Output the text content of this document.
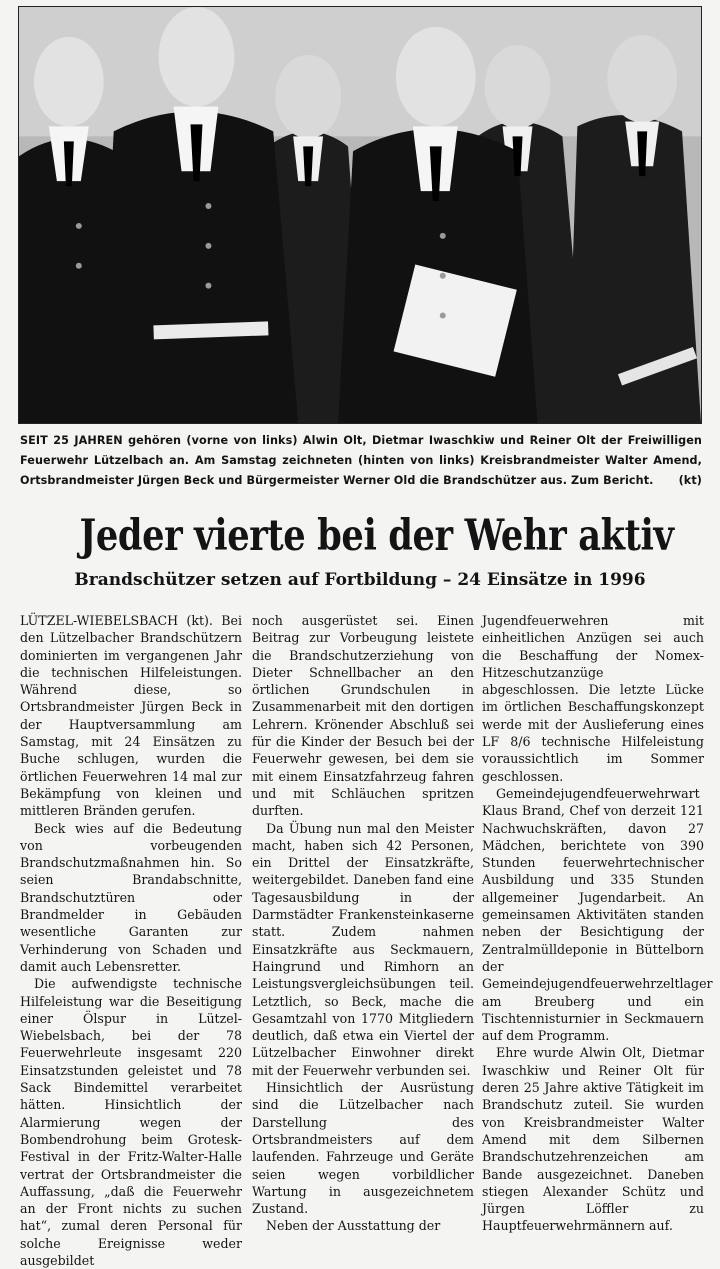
SEIT 25 JAHREN gehören (vorne von links) Alwin Olt, Dietmar Iwaschkiw und Reiner Olt der Freiwilligen Feuerwehr Lützelbach an. Am Samstag zeichneten (hinten von links) Kreisbrandmeister Walter Amend, Ortsbrandmeister Jürgen Beck und Bürgermeister Werner Old die Brandschützer aus. Zum Bericht. (kt)
Jeder vierte bei der Wehr aktiv
Brandschützer setzen auf Fortbildung – 24 Einsätze in 1996

LÜTZEL-WIEBELSBACH (kt). Bei den Lützelbacher Brandschützern dominierten im vergangenen Jahr die technischen Hilfeleistungen. Während diese, so Ortsbrandmeister Jürgen Beck in der Hauptversammlung am Samstag, mit 24 Einsätzen zu Buche schlugen, wurden die örtlichen Feuerwehren 14 mal zur Bekämpfung von kleinen und mittleren Bränden gerufen.

Beck wies auf die Bedeutung von vorbeugenden Brandschutzmaßnahmen hin. So seien Brandabschnitte, Brandschutztüren oder Brandmelder in Gebäuden wesentliche Garanten zur Verhinderung von Schaden und damit auch Lebensretter.

Die aufwendigste technische Hilfeleistung war die Beseitigung einer Ölspur in Lützel-Wiebelsbach, bei der 78 Feuerwehrleute insgesamt 220 Einsatzstunden geleistet und 78 Sack Bindemittel verarbeitet hätten. Hinsichtlich der Alarmierung wegen der Bombendrohung beim Grotesk-Festival in der Fritz-Walter-Halle vertrat der Ortsbrandmeister die Auffassung, „daß die Feuerwehr an der Front nichts zu suchen hat“, zumal deren Personal für solche Ereignisse weder ausgebildet

noch ausgerüstet sei. Einen Beitrag zur Vorbeugung leistete die Brandschutzerziehung von Dieter Schnellbacher an den örtlichen Grundschulen in Zusammenarbeit mit den dortigen Lehrern. Krönender Abschluß sei für die Kinder der Besuch bei der Feuerwehr gewesen, bei dem sie mit einem Einsatzfahrzeug fahren und mit Schläuchen spritzen durften.

Da Übung nun mal den Meister macht, haben sich 42 Personen, ein Drittel der Einsatzkräfte, weitergebildet. Daneben fand eine Tagesausbildung in der Darmstädter Frankensteinkaserne statt. Zudem nahmen Einsatzkräfte aus Seckmauern, Haingrund und Rimhorn an Leistungsvergleichsübungen teil. Letztlich, so Beck, mache die Gesamtzahl von 1770 Mitgliedern deutlich, daß etwa ein Viertel der Lützelbacher Einwohner direkt mit der Feuerwehr verbunden sei.

Hinsichtlich der Ausrüstung sind die Lützelbacher nach Darstellung des Ortsbrandmeisters auf dem laufenden. Fahrzeuge und Geräte seien wegen vorbildlicher Wartung in ausgezeichnetem Zustand.

Neben der Ausstattung der

Jugendfeuerwehren mit einheitlichen Anzügen sei auch die Beschaffung der Nomex-Hitzeschutzanzüge abgeschlossen. Die letzte Lücke im örtlichen Beschaffungskonzept werde mit der Auslieferung eines LF 8/6 technische Hilfeleistung voraussichtlich im Sommer geschlossen.

Gemeindejugendfeuerwehrwart Klaus Brand, Chef von derzeit 121 Nachwuchskräften, davon 27 Mädchen, berichtete von 390 Stunden feuerwehrtechnischer Ausbildung und 335 Stunden allgemeiner Jugendarbeit. An gemeinsamen Aktivitäten standen neben der Besichtigung der Zentralmülldeponie in Büttelborn der Gemeindejugendfeuerwehrzeltlager am Breuberg und ein Tischtennisturnier in Seckmauern auf dem Programm.

Ehre wurde Alwin Olt, Dietmar Iwaschkiw und Reiner Olt für deren 25 Jahre aktive Tätigkeit im Brandschutz zuteil. Sie wurden von Kreisbrandmeister Walter Amend mit dem Silbernen Brandschutzehrenzeichen am Bande ausgezeichnet. Daneben stiegen Alexander Schütz und Jürgen Löffler zu Hauptfeuerwehrmännern auf.
